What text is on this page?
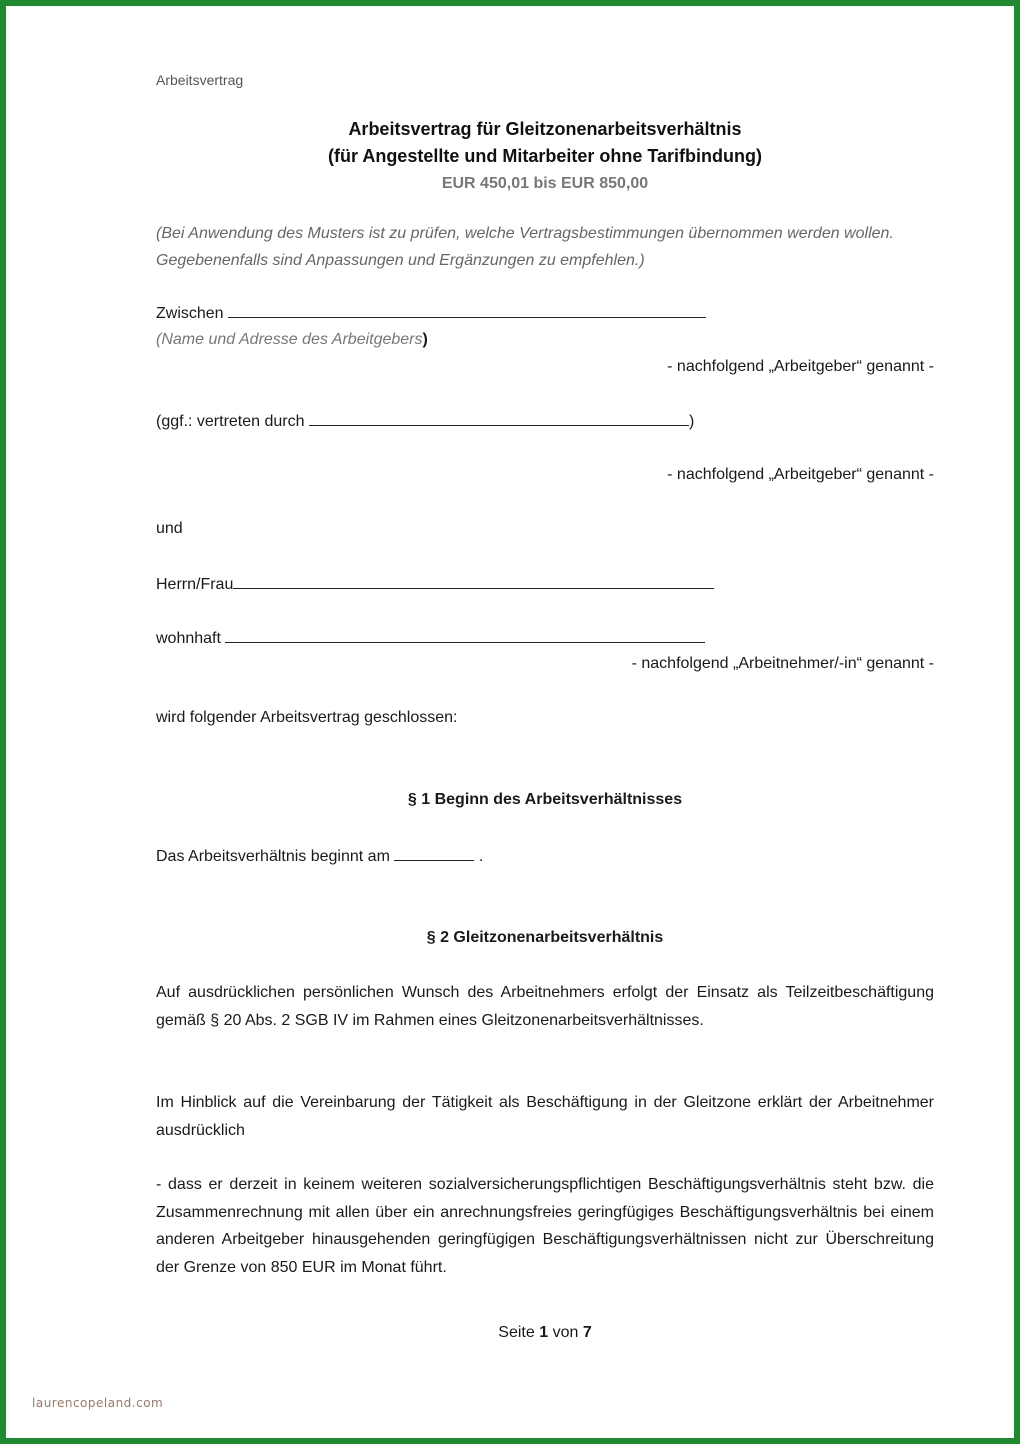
Arbeitsvertrag
Arbeitsvertrag für Gleitzonenarbeitsverhältnis
(für Angestellte und Mitarbeiter ohne Tarifbindung)
EUR 450,01 bis EUR 850,00
(Bei Anwendung des Musters ist zu prüfen, welche Vertragsbestimmungen übernommen werden wollen. Gegebenenfalls sind Anpassungen und Ergänzungen zu empfehlen.)
Zwischen
(Name und Adresse des Arbeitgebers)
- nachfolgend „Arbeitgeber“ genannt -
(ggf.: vertreten durch	)
- nachfolgend „Arbeitgeber“ genannt -
und
Herrn/Frau
wohnhaft
- nachfolgend „Arbeitnehmer/-in“ genannt -
wird folgender Arbeitsvertrag geschlossen:
§ 1 Beginn des Arbeitsverhältnisses
Das Arbeitsverhältnis beginnt am	.
§ 2 Gleitzonenarbeitsverhältnis
Auf ausdrücklichen persönlichen Wunsch des Arbeitnehmers erfolgt der Einsatz als Teilzeitbeschäftigung gemäß § 20 Abs. 2 SGB IV im Rahmen eines Gleitzonenarbeitsverhältnisses.
Im Hinblick auf die Vereinbarung der Tätigkeit als Beschäftigung in der Gleitzone erklärt der Arbeitnehmer ausdrücklich
- dass er derzeit in keinem weiteren sozialversicherungspflichtigen Beschäftigungsverhältnis steht bzw. die Zusammenrechnung mit allen über ein anrechnungsfreies geringfügiges Beschäftigungsverhältnis bei einem anderen Arbeitgeber hinausgehenden geringfügigen Beschäftigungsverhältnissen nicht zur Überschreitung der Grenze von 850 EUR im Monat führt.
Seite 1 von 7
laurencopeland.com
